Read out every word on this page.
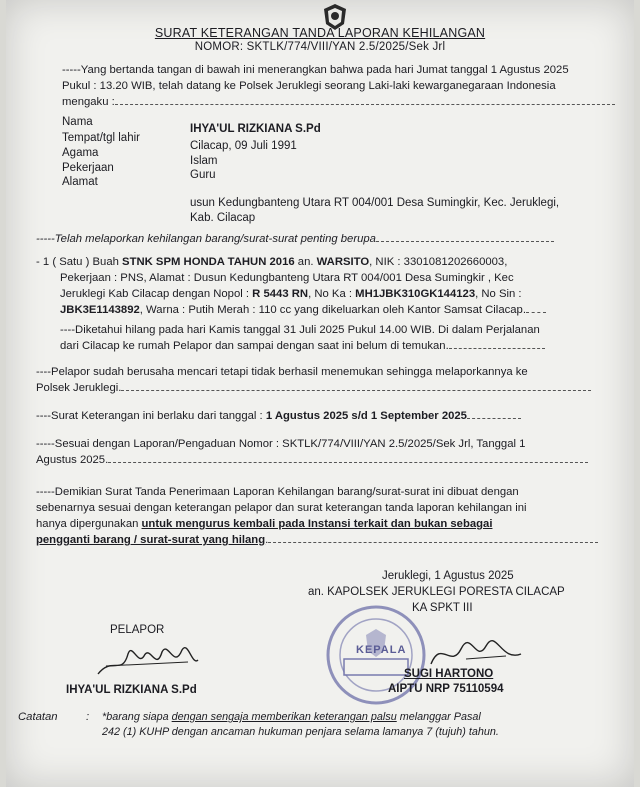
SURAT KETERANGAN TANDA LAPORAN KEHILANGAN
NOMOR: SKTLK/774/VIII/YAN 2.5/2025/Sek Jrl
-----Yang bertanda tangan di bawah ini menerangkan bahwa pada hari Jumat tanggal 1 Agustus 2025
Pukul : 13.20 WIB, telah datang ke Polsek Jeruklegi seorang Laki-laki kewarganegaraan Indonesia
mengaku :
Nama
Tempat/tgl lahir
Agama
Pekerjaan
Alamat
IHYA'UL RIZKIANA S.Pd
Cilacap, 09 Juli 1991
Islam
Guru
usun Kedungbanteng Utara RT 004/001 Desa Sumingkir, Kec. Jeruklegi,
Kab. Cilacap
-----Telah melaporkan kehilangan barang/surat-surat penting berupa
- 1 ( Satu ) Buah STNK SPM HONDA TAHUN 2016 an. WARSITO, NIK : 3301081202660003,
Pekerjaan : PNS, Alamat : Dusun Kedungbanteng Utara RT 004/001 Desa Sumingkir , Kec
Jeruklegi Kab Cilacap dengan Nopol : R 5443 RN, No Ka : MH1JBK310GK144123, No Sin :
JBK3E1143892, Warna : Putih Merah : 110 cc yang dikeluarkan oleh Kantor Samsat Cilacap.
----Diketahui hilang pada hari Kamis tanggal 31 Juli 2025 Pukul 14.00 WIB. Di dalam Perjalanan
dari Cilacap ke rumah Pelapor dan sampai dengan saat ini belum di temukan.
----Pelapor sudah berusaha mencari tetapi tidak berhasil menemukan sehingga melaporkannya ke
Polsek Jeruklegi.
----Surat Keterangan ini berlaku dari tanggal : 1 Agustus 2025 s/d 1 September 2025
-----Sesuai dengan Laporan/Pengaduan Nomor : SKTLK/774/VIII/YAN 2.5/2025/Sek Jrl, Tanggal 1
Agustus 2025.
-----Demikian Surat Tanda Penerimaan Laporan Kehilangan barang/surat-surat ini dibuat dengan
sebenarnya sesuai dengan keterangan pelapor dan surat keterangan tanda laporan kehilangan ini
hanya dipergunakan untuk mengurus kembali pada Instansi terkait dan bukan sebagai
pengganti barang / surat-surat yang hilang.
Jeruklegi, 1 Agustus 2025
an. KAPOLSEK JERUKLEGI PORESTA CILACAP
KA SPKT III
KEPALA
SUGI HARTONO
AIPTU NRP 75110594
PELAPOR
IHYA'UL RIZKIANA S.Pd
Catatan	: *barang siapa dengan sengaja memberikan keterangan palsu melanggar Pasal
242 (1) KUHP dengan ancaman hukuman penjara selama lamanya 7 (tujuh) tahun.
